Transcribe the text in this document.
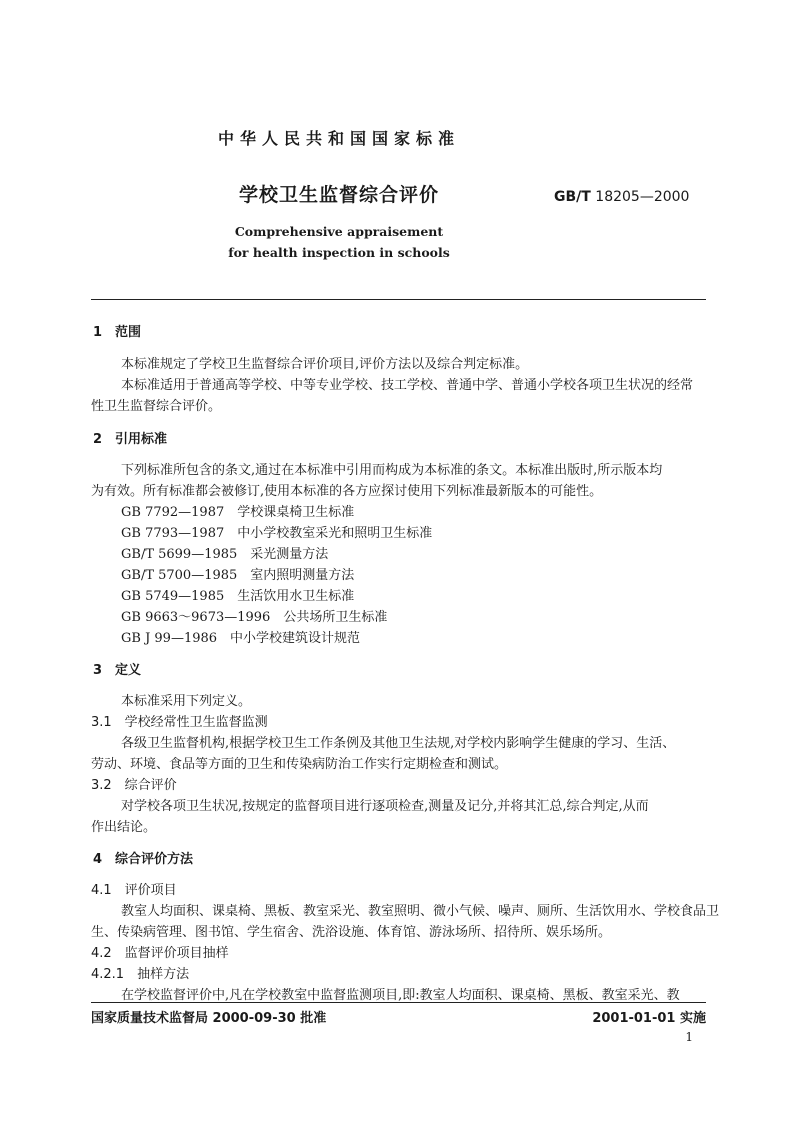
中华人民共和国国家标准
学校卫生监督综合评价	GB/T 18205—2000
Comprehensive appraisement
for health inspection in schools
1　范围
本标准规定了学校卫生监督综合评价项目,评价方法以及综合判定标准。
本标准适用于普通高等学校、中等专业学校、技工学校、普通中学、普通小学校各项卫生状况的经常
性卫生监督综合评价。
2　引用标准
下列标准所包含的条文,通过在本标准中引用而构成为本标准的条文。本标准出版时,所示版本均
为有效。所有标准都会被修订,使用本标准的各方应探讨使用下列标准最新版本的可能性。
GB 7792—1987　学校课桌椅卫生标准
GB 7793—1987　中小学校教室采光和照明卫生标准
GB/T 5699—1985　采光测量方法
GB/T 5700—1985　室内照明测量方法
GB 5749—1985　生活饮用水卫生标准
GB 9663～9673—1996　公共场所卫生标准
GB J 99—1986　中小学校建筑设计规范
3　定义
本标准采用下列定义。
3.1　学校经常性卫生监督监测
各级卫生监督机构,根据学校卫生工作条例及其他卫生法规,对学校内影响学生健康的学习、生活、
劳动、环境、食品等方面的卫生和传染病防治工作实行定期检查和测试。
3.2　综合评价
对学校各项卫生状况,按规定的监督项目进行逐项检查,测量及记分,并将其汇总,综合判定,从而
作出结论。
4　综合评价方法
4.1　评价项目
教室人均面积、课桌椅、黑板、教室采光、教室照明、微小气候、噪声、厕所、生活饮用水、学校食品卫
生、传染病管理、图书馆、学生宿舍、洗浴设施、体育馆、游泳场所、招待所、娱乐场所。
4.2　监督评价项目抽样
4.2.1　抽样方法
在学校监督评价中,凡在学校教室中监督监测项目,即:教室人均面积、课桌椅、黑板、教室采光、教
国家质量技术监督局 2000-09-30 批准	2001-01-01 实施
1
